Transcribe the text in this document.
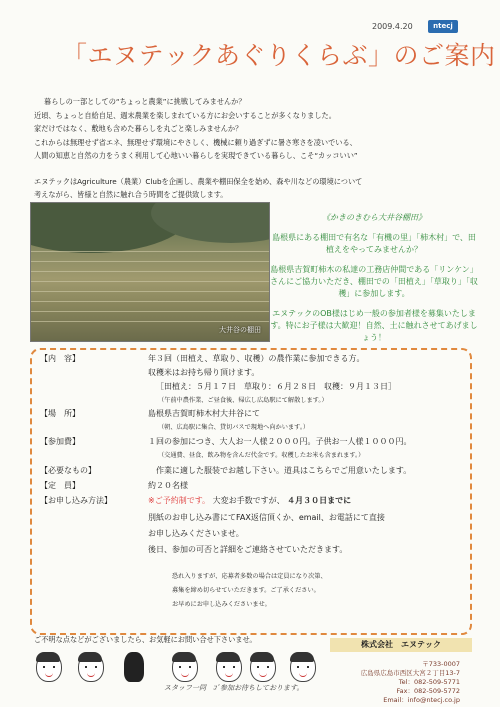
2009.4.20	ntecj
「エヌテックあぐりくらぶ」のご案内

暮らしの一部としての“ちょっと農業”に挑戦してみませんか？

近頃、ちょっと自給自足、週末農業を楽しまれている方にお会いすることが多くなりました。

家だけではなく、敷地も含めた暮らしを丸ごと楽しみませんか？

これからは無理せず省エネ、無理せず環境にやさしく、機械に頼り過ぎずに暑さ寒さを凌いでいる、

人間の知恵と自然の力をうまく利用して心地いい暮らしを実現できている暮らし、こそ“カッコいい”

エヌテックはAgriculture（農業）Clubを企画し、農業や棚田保全を始め、森や川などの環境について

考えながら、皆様と自然に触れ合う時間をご提供致します。

大井谷の棚田
《かきのきむら大井谷棚田》

島根県にある棚田で有名な「有機の里」「柿木村」で、田植えをやってみませんか？

島根県吉賀町柿木の私達の工務店仲間である「リンケン」さんにご協力いただき、棚田での「田植え」「草取り」「収穫」に参加します。

エヌテックのOB様はじめ一般の参加者様を募集いたします。特にお子様は大歓迎！自然、土に触れさせてあげましょう！

【内　容】	年３回（田植え、草取り、収穫）の農作業に参加できる方。
収穫米はお持ち帰り頂けます。
［田植え：５月１７日　草取り：６月２８日　収穫：９月１３日］
（午前中農作業、ご昼食後、帰広し広島駅にて解散します。）
【場　所】	島根県吉賀町柿木村大井谷にて
（朝、広島駅に集合、貸切バスで現地へ向かいます。）
【参加費】	１回の参加につき、大人お一人様２０００円。子供お一人様１０００円。
（交通費、昼食、飲み物を含んだ代金です。収穫したお米も含まれます。）
【必要なもの】	作業に適した服装でお越し下さい。道具はこちらでご用意いたします。
【定　員】	約２０名様
【お申し込み方法】	※ご予約制です。 大変お手数ですが、 ４月３０日までに
別紙のお申し込み書にてFAX返信頂くか、email、お電話にて直接
お申し込みくださいませ。
後日、参加の可否と詳細をご連絡させていただきます。
恐れ入りますが、応募者多数の場合は定員になり次第、
募集を締め切らせていただきます。ご了承ください。
お早めにお申し込みくださいませ。
ご不明な点などがございましたら、お気軽にお問い合せ下さいませ。
株式会社　エヌテック
〒733-0007
広島県広島市西区大宮２丁目13-7
Tel：082-509-5771
Fax：082-509-5772
Email：info@ntecj.co.jp
スタッフ一同　ｺﾞ参加お待ちしております。
